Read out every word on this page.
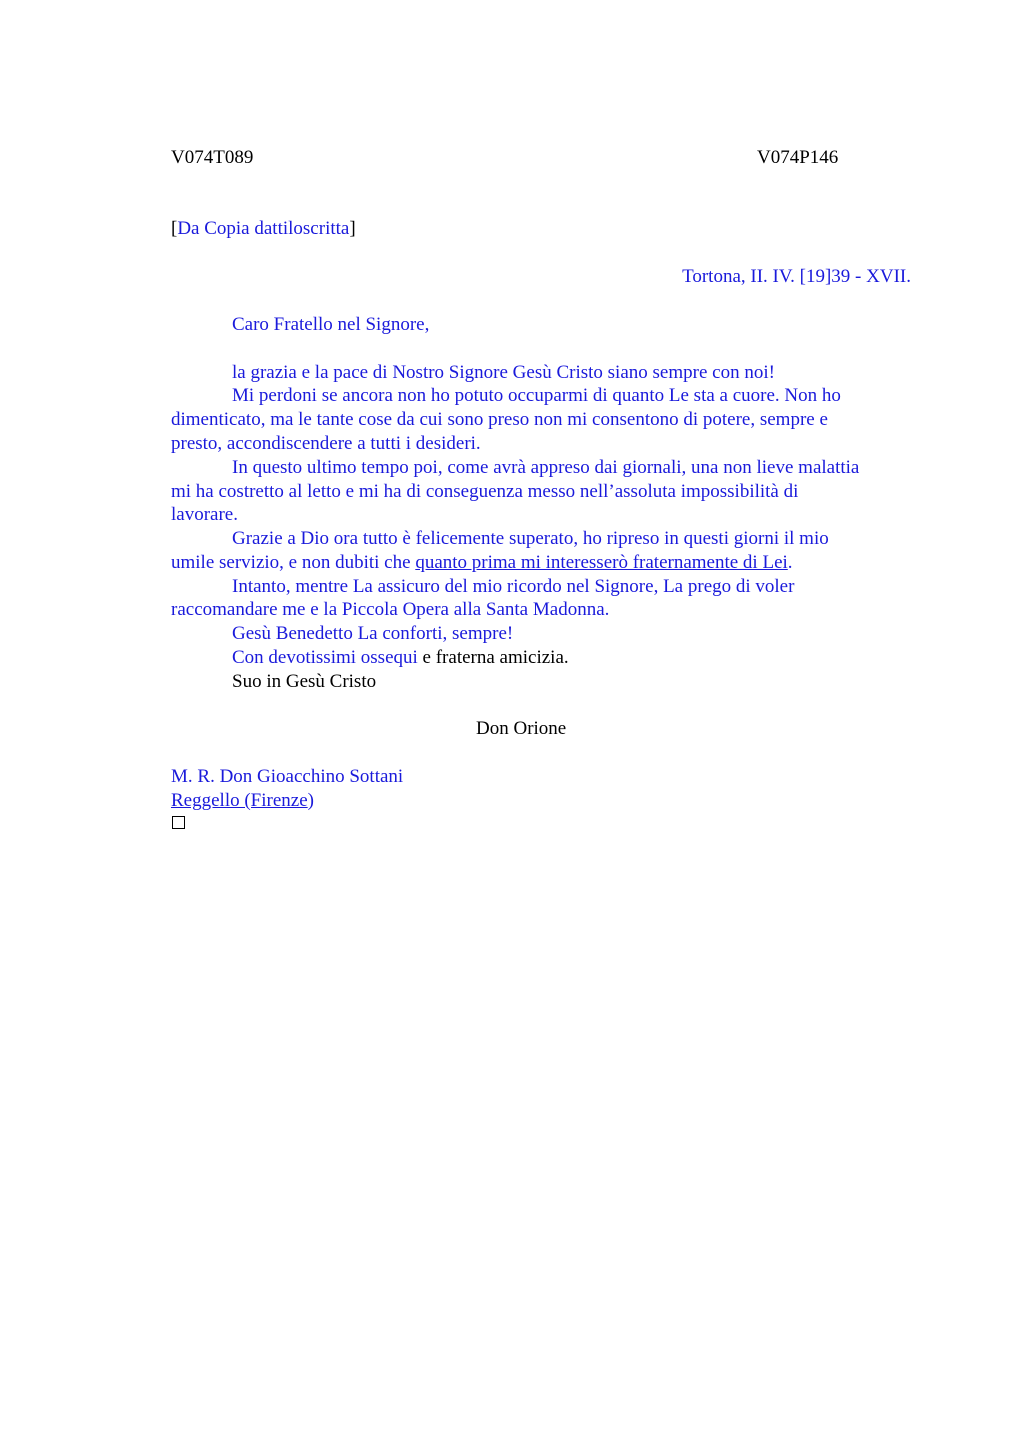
V074T089	V074P146
[Da Copia dattiloscritta]
Tortona, II. IV. [19]39 - XVII.
Caro Fratello nel Signore,
la grazia e la pace di Nostro Signore Gesù Cristo siano sempre con noi!
Mi perdoni se ancora non ho potuto occuparmi di quanto Le sta a cuore. Non ho
dimenticato, ma le tante cose da cui sono preso non mi consentono di potere, sempre e
presto, accondiscendere a tutti i desideri.
In questo ultimo tempo poi, come avrà appreso dai giornali, una non lieve malattia
mi ha costretto al letto e mi ha di conseguenza messo nell’assoluta impossibilità di
lavorare.
Grazie a Dio ora tutto è felicemente superato, ho ripreso in questi giorni il mio
umile servizio, e non dubiti che quanto prima mi interesserò fraternamente di Lei.
Intanto, mentre La assicuro del mio ricordo nel Signore, La prego di voler
raccomandare me e la Piccola Opera alla Santa Madonna.
Gesù Benedetto La conforti, sempre!
Con devotissimi ossequi e fraterna amicizia.
Suo in Gesù Cristo
Don Orione
M. R. Don Gioacchino Sottani
Reggello (Firenze)
